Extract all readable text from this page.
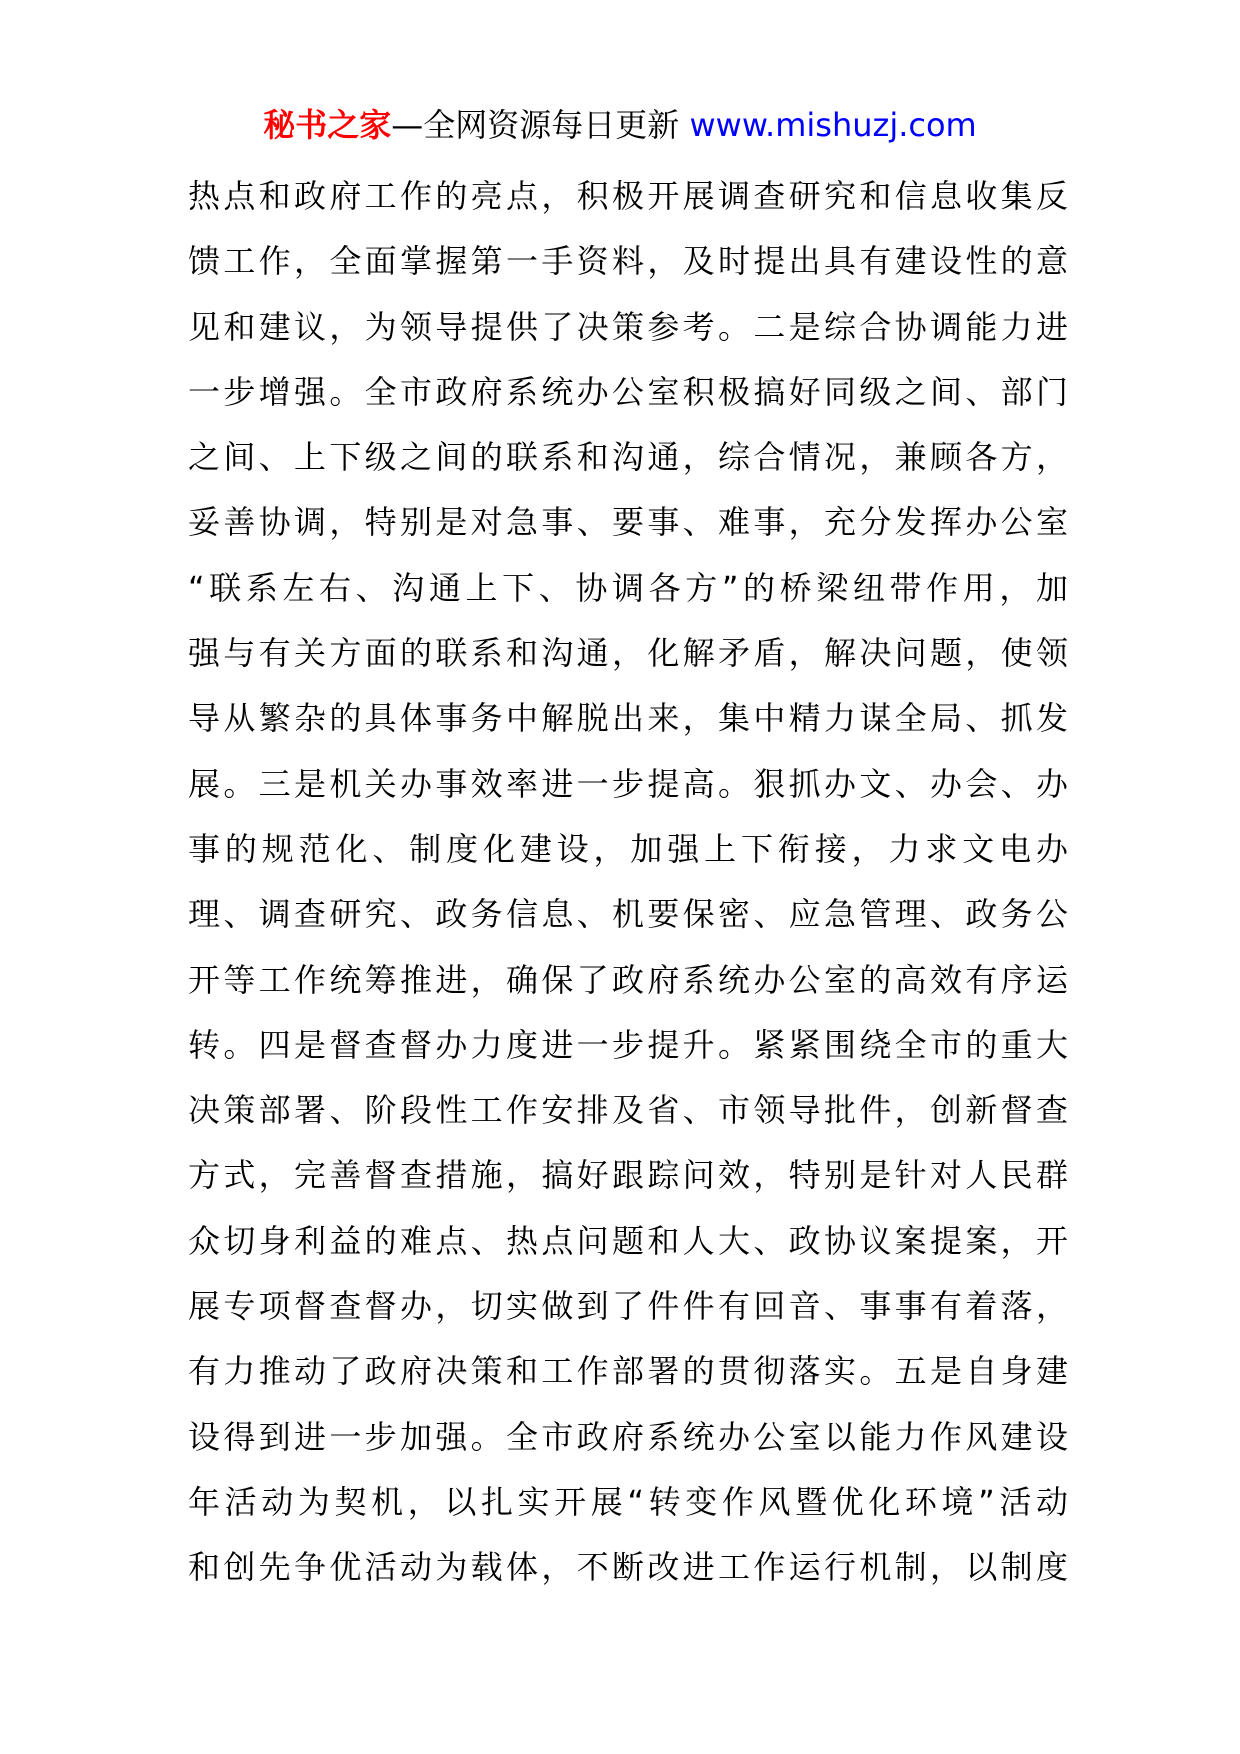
秘书之家—全网资源每日更新 www.mishuzj.com
热点和政府工作的亮点，积极开展调查研究和信息收集反
馈工作，全面掌握第一手资料，及时提出具有建设性的意
见和建议，为领导提供了决策参考。二是综合协调能力进
一步增强。全市政府系统办公室积极搞好同级之间、部门
之间、上下级之间的联系和沟通，综合情况，兼顾各方，
妥善协调，特别是对急事、要事、难事，充分发挥办公室
“联系左右、沟通上下、协调各方”的桥梁纽带作用，加
强与有关方面的联系和沟通，化解矛盾，解决问题，使领
导从繁杂的具体事务中解脱出来，集中精力谋全局、抓发
展。三是机关办事效率进一步提高。狠抓办文、办会、办
事的规范化、制度化建设，加强上下衔接，力求文电办
理、调查研究、政务信息、机要保密、应急管理、政务公
开等工作统筹推进，确保了政府系统办公室的高效有序运
转。四是督查督办力度进一步提升。紧紧围绕全市的重大
决策部署、阶段性工作安排及省、市领导批件，创新督查
方式，完善督查措施，搞好跟踪问效，特别是针对人民群
众切身利益的难点、热点问题和人大、政协议案提案，开
展专项督查督办，切实做到了件件有回音、事事有着落，
有力推动了政府决策和工作部署的贯彻落实。五是自身建
设得到进一步加强。全市政府系统办公室以能力作风建设
年活动为契机，以扎实开展“转变作风暨优化环境”活动
和创先争优活动为载体，不断改进工作运行机制，以制度
